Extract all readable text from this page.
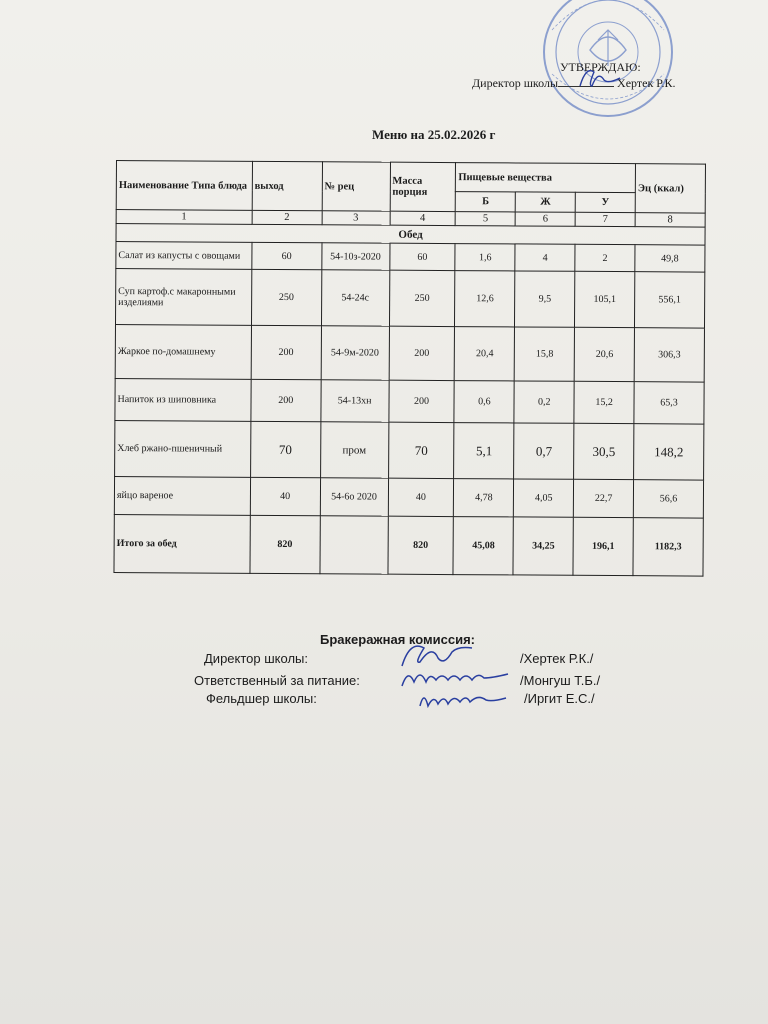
УТВЕРЖДАЮ:
Директор школы	Хертек Р.К.
Меню на 25.02.2026 г
Наименование Типа блюда	выход	№ рец	Масса порция	Пищевые вещества			Эц (ккал)
				Б	Ж	У	
1	2	3	4	5	6	7	8
Обед							
Салат из капусты с овощами	60	54-10з-2020	60	1,6	4	2	49,8
Суп картоф.с макаронными изделиями	250	54-24с	250	12,6	9,5	105,1	556,1
Жаркое по-домашнему	200	54-9м-2020	200	20,4	15,8	20,6	306,3
Напиток из шиповника	200	54-13хн	200	0,6	0,2	15,2	65,3
Хлеб ржано-пшеничный	70	пром	70	5,1	0,7	30,5	148,2
яйцо вареное	40	54-6о 2020	40	4,78	4,05	22,7	56,6
Итого за обед	820		820	45,08	34,25	196,1	1182,3
Бракеражная комиссия:
Директор школы:	/Хертек Р.К./
Ответственный за питание:	/Монгуш Т.Б./
Фельдшер школы:	/Иргит Е.С./
